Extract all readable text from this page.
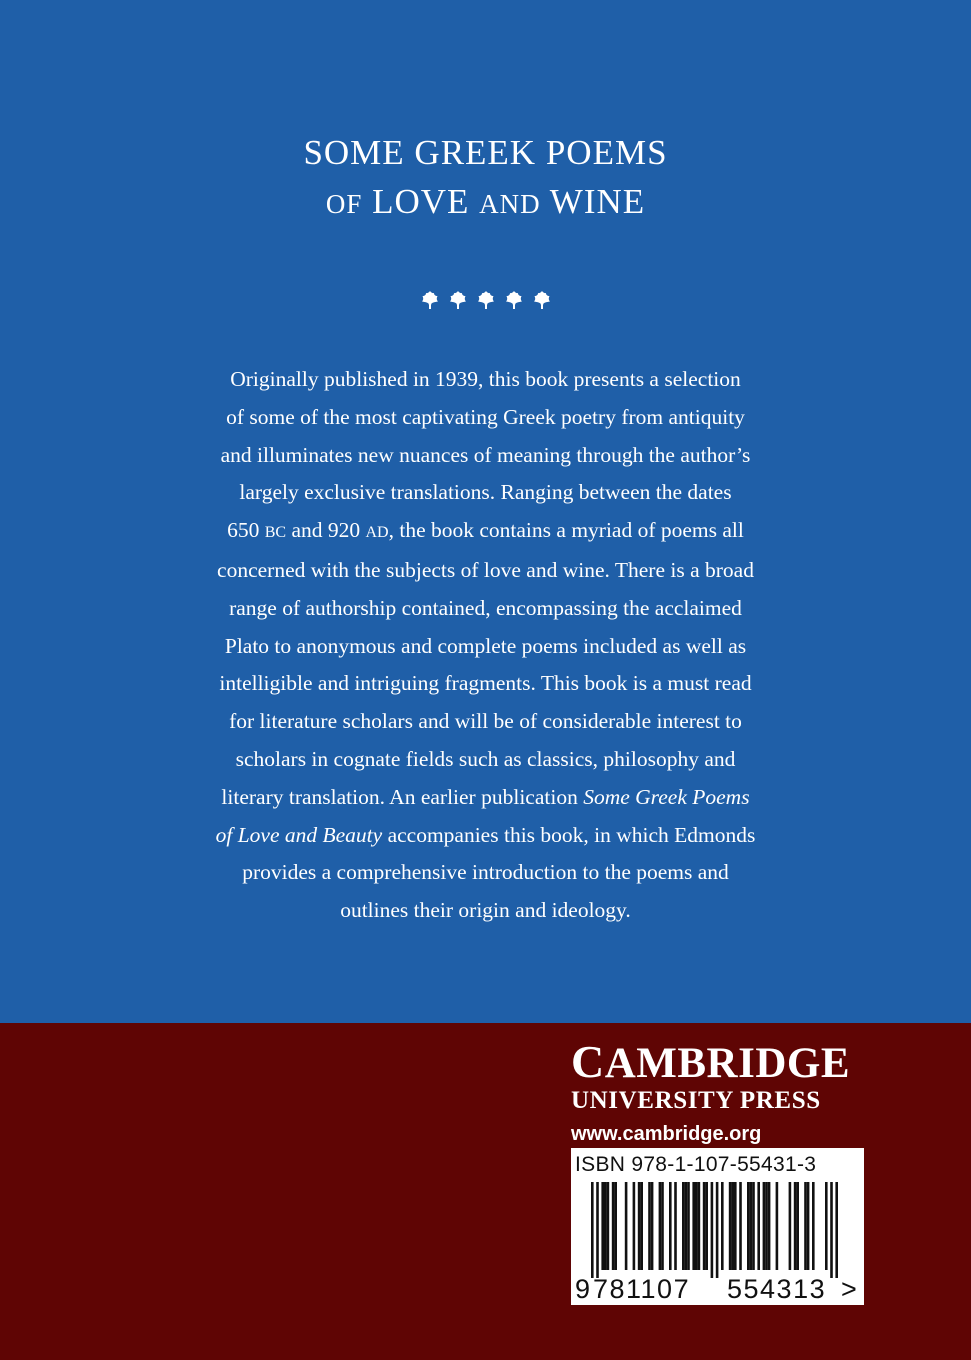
SOME GREEK POEMS
OF LOVE AND WINE
Originally published in 1939, this book presents a selection
of some of the most captivating Greek poetry from antiquity
and illuminates new nuances of meaning through the author’s
largely exclusive translations. Ranging between the dates
650 BC and 920 AD, the book contains a myriad of poems all
concerned with the subjects of love and wine. There is a broad
range of authorship contained, encompassing the acclaimed
Plato to anonymous and complete poems included as well as
intelligible and intriguing fragments. This book is a must read
for literature scholars and will be of considerable interest to
scholars in cognate fields such as classics, philosophy and
literary translation. An earlier publication Some Greek Poems
of Love and Beauty accompanies this book, in which Edmonds
provides a comprehensive introduction to the poems and
outlines their origin and ideology.

CAMBRIDGE

UNIVERSITY PRESS

www.cambridge.org
ISBN 978-1-107-55431-3
9 781107 554313 >
